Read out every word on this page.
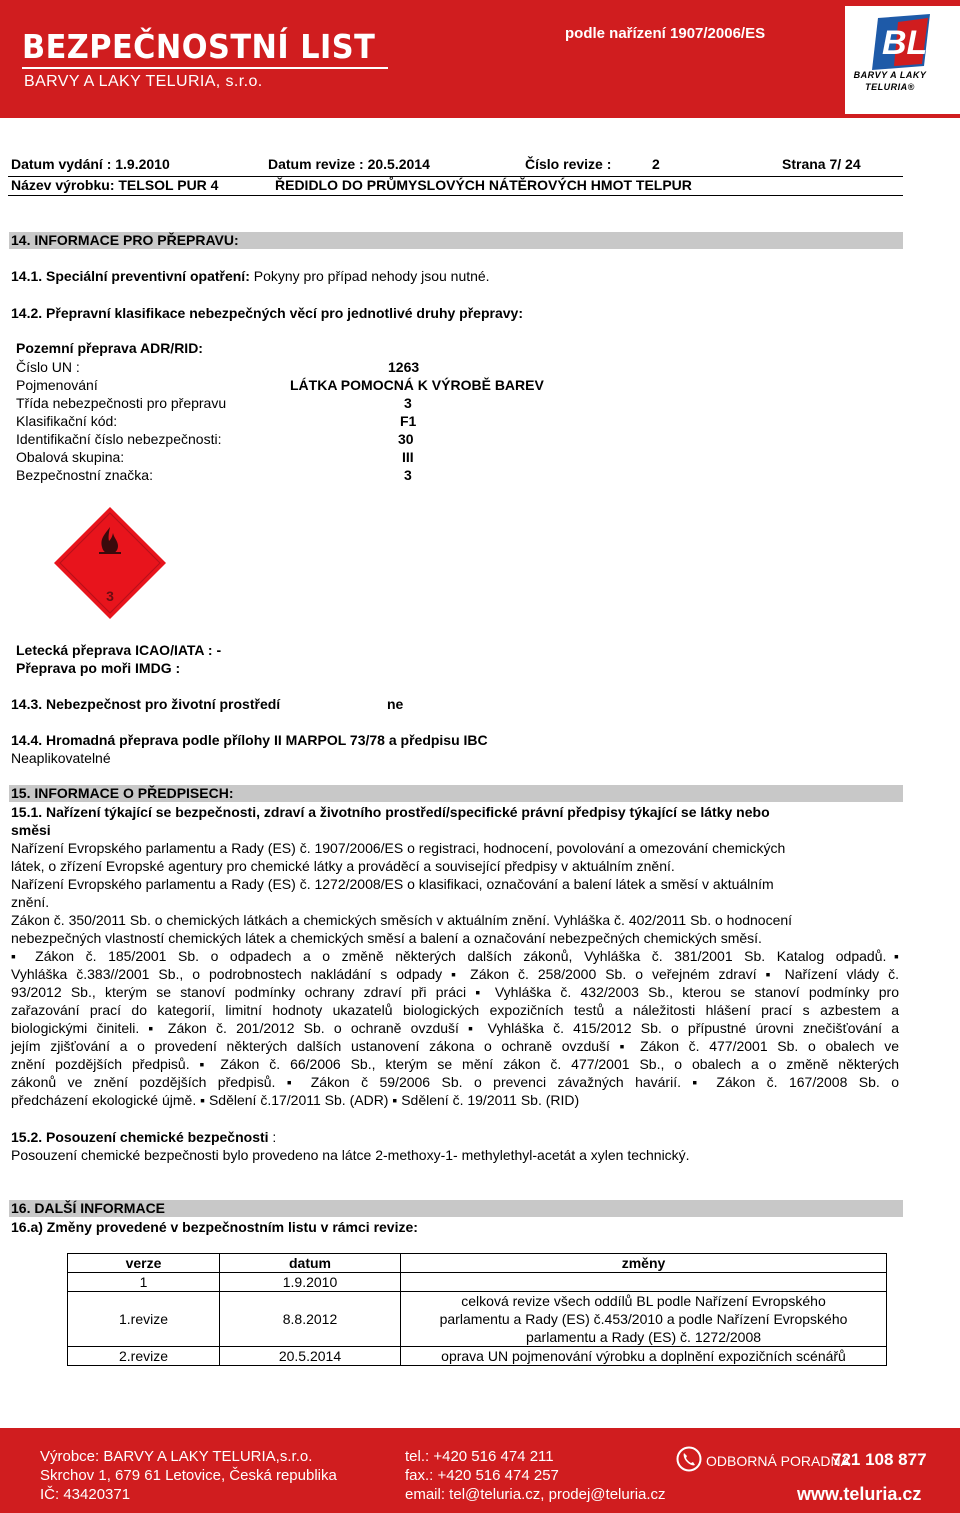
BEZPEČNOSTNÍ LIST
BARVY A LAKY TELURIA, s.r.o.
podle nařízení 1907/2006/ES	BL
BARVY A LAKY
TELURIA®
Datum vydání : 1.9.2010	Datum revize : 20.5.2014	Číslo revize :	2	Strana 7/ 24
Název výrobku: TELSOL PUR 4	ŘEDIDLO DO PRŮMYSLOVÝCH NÁTĚROVÝCH HMOT TELPUR
14. INFORMACE PRO PŘEPRAVU:
14.1. Speciální preventivní opatření: Pokyny pro případ nehody jsou nutné.
14.2. Přepravní klasifikace nebezpečných věcí pro jednotlivé druhy přepravy:
Pozemní přeprava ADR/RID:
Číslo UN :	1263
Pojmenování	LÁTKA POMOCNÁ K VÝROBĚ BAREV
Třída nebezpečnosti pro přepravu	3
Klasifikační kód:	F1
Identifikační číslo nebezpečnosti:	30
Obalová skupina:	III
Bezpečnostní značka:	3
3
Letecká přeprava ICAO/IATA : -
Přeprava po moři IMDG :
14.3. Nebezpečnost pro životní prostředí	ne
14.4. Hromadná přeprava podle přílohy II MARPOL 73/78 a předpisu IBC
Neaplikovatelné
15. INFORMACE O PŘEDPISECH:
15.1. Nařízení týkající se bezpečnosti, zdraví a životního prostředí/specifické právní předpisy týkající se látky nebo
směsi
Nařízení Evropského parlamentu a Rady (ES) č. 1907/2006/ES o registraci, hodnocení, povolování a omezování chemických
látek, o zřízení Evropské agentury pro chemické látky a prováděcí a související předpisy v aktuálním znění.
Nařízení Evropského parlamentu a Rady (ES) č. 1272/2008/ES o klasifikaci, označování a balení látek a směsí v aktuálním
znění.
Zákon č. 350/2011 Sb. o chemických látkách a chemických směsích v aktuálním znění. Vyhláška č. 402/2011 Sb. o hodnocení
nebezpečných vlastností chemických látek a chemických směsí a balení a označování nebezpečných chemických směsí.
▪ Zákon č. 185/2001 Sb. o odpadech a o změně některých dalších zákonů, Vyhláška č. 381/2001 Sb. Katalog odpadů.▪
Vyhláška č.383//2001 Sb., o podrobnostech nakládání s odpady ▪ Zákon č. 258/2000 Sb. o veřejném zdraví ▪ Nařízení vlády č.
93/2012 Sb., kterým se stanoví podmínky ochrany zdraví při práci ▪ Vyhláška č. 432/2003 Sb., kterou se stanoví podmínky pro
zařazování prací do kategorií, limitní hodnoty ukazatelů biologických expozičních testů a náležitosti hlášení prací s azbestem a
biologickými činiteli. ▪ Zákon č. 201/2012 Sb. o ochraně ovzduší ▪ Vyhláška č. 415/2012 Sb. o přípustné úrovni znečišťování a
jejím zjišťování a o provedení některých dalších ustanovení zákona o ochraně ovzduší ▪ Zákon č. 477/2001 Sb. o obalech ve
znění pozdějších předpisů. ▪ Zákon č. 66/2006 Sb., kterým se mění zákon č. 477/2001 Sb., o obalech a o změně některých
zákonů ve znění pozdějších předpisů. ▪ Zákon č 59/2006 Sb. o prevenci závažných havárií. ▪ Zákon č. 167/2008 Sb. o
předcházení ekologické újmě. ▪ Sdělení č.17/2011 Sb. (ADR) ▪ Sdělení č. 19/2011 Sb. (RID)
15.2. Posouzení chemické bezpečnosti :
Posouzení chemické bezpečnosti bylo provedeno na látce 2-methoxy-1- methylethyl-acetát a xylen technický.
16. DALŠÍ INFORMACE
16.a) Změny provedené v bezpečnostním listu v rámci revize:
verze	datum	změny
1	1.9.2010	
1.revize	8.8.2012	celková revize všech oddílů BL podle Nařízení Evropského
parlamentu a Rady (ES) č.453/2010 a podle Nařízení Evropského
parlamentu a Rady (ES) č. 1272/2008

2.revize	20.5.2014	oprava UN pojmenování výrobku a doplnění expozičních scénářů
Výrobce: BARVY A LAKY TELURIA,s.r.o.
Skrchov 1, 679 61 Letovice, Česká republika
IČ: 43420371
tel.: +420 516 474 211
fax.: +420 516 474 257
email: tel@teluria.cz, prodej@teluria.cz
ODBORNÁ PORADNA
721 108 877
www.teluria.cz
